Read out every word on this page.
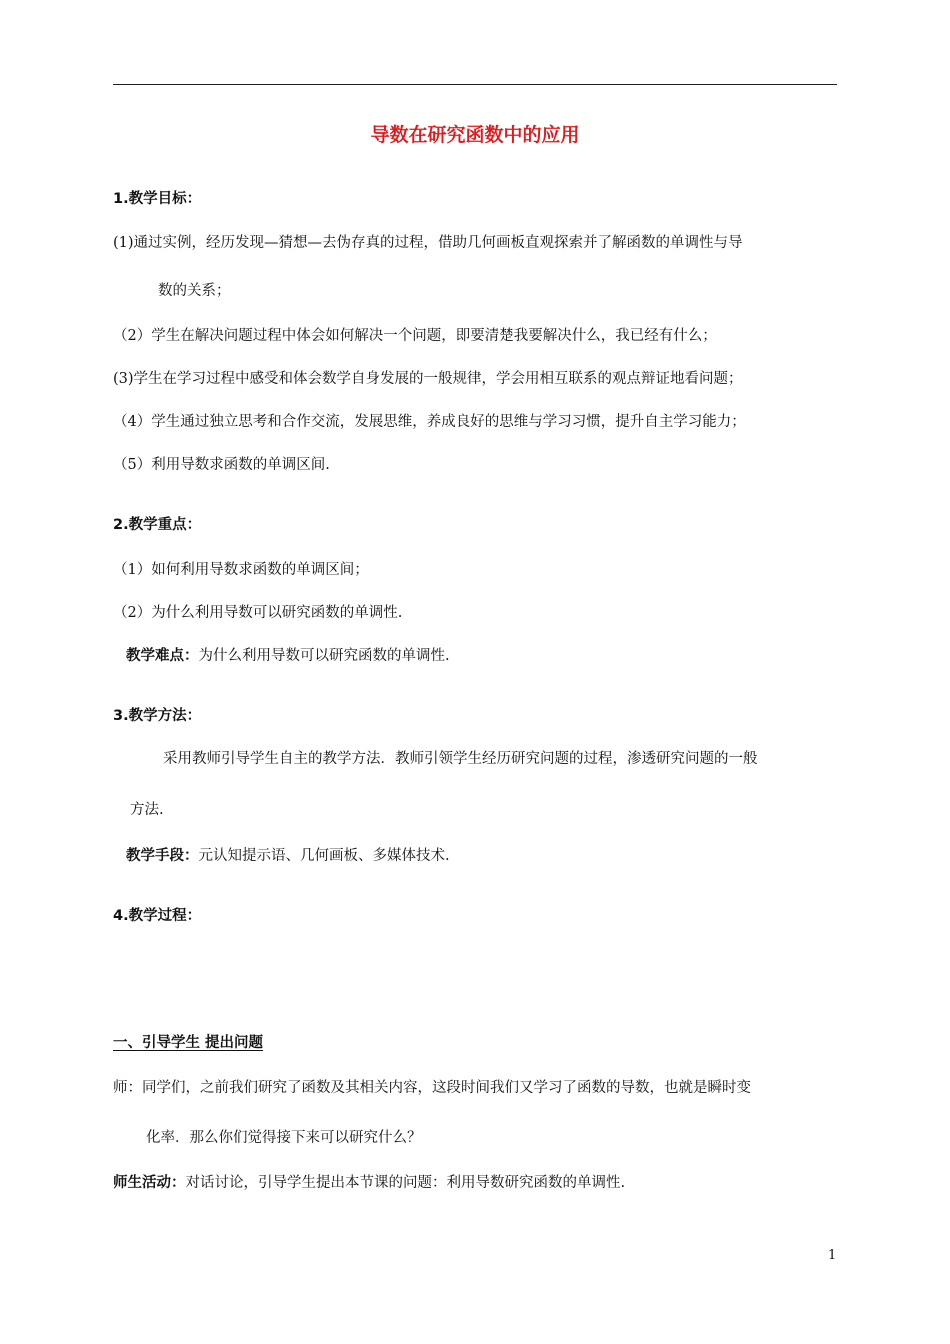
导数在研究函数中的应用
1.教学目标：
(1)通过实例，经历发现—猜想—去伪存真的过程，借助几何画板直观探索并了解函数的单调性与导
数的关系；
（2）学生在解决问题过程中体会如何解决一个问题，即要清楚我要解决什么，我已经有什么；
(3)学生在学习过程中感受和体会数学自身发展的一般规律，学会用相互联系的观点辩证地看问题；
（4）学生通过独立思考和合作交流，发展思维，养成良好的思维与学习习惯，提升自主学习能力；
（5）利用导数求函数的单调区间.
2.教学重点：
（1）如何利用导数求函数的单调区间；
（2）为什么利用导数可以研究函数的单调性.
教学难点：为什么利用导数可以研究函数的单调性.
3.教学方法：
采用教师引导学生自主的教学方法．教师引领学生经历研究问题的过程，渗透研究问题的一般
方法.
教学手段：元认知提示语、几何画板、多媒体技术.
4.教学过程：
一、引导学生 提出问题
师：同学们，之前我们研究了函数及其相关内容，这段时间我们又学习了函数的导数，也就是瞬时变
化率．那么你们觉得接下来可以研究什么？
师生活动：对话讨论，引导学生提出本节课的问题：利用导数研究函数的单调性.
1
